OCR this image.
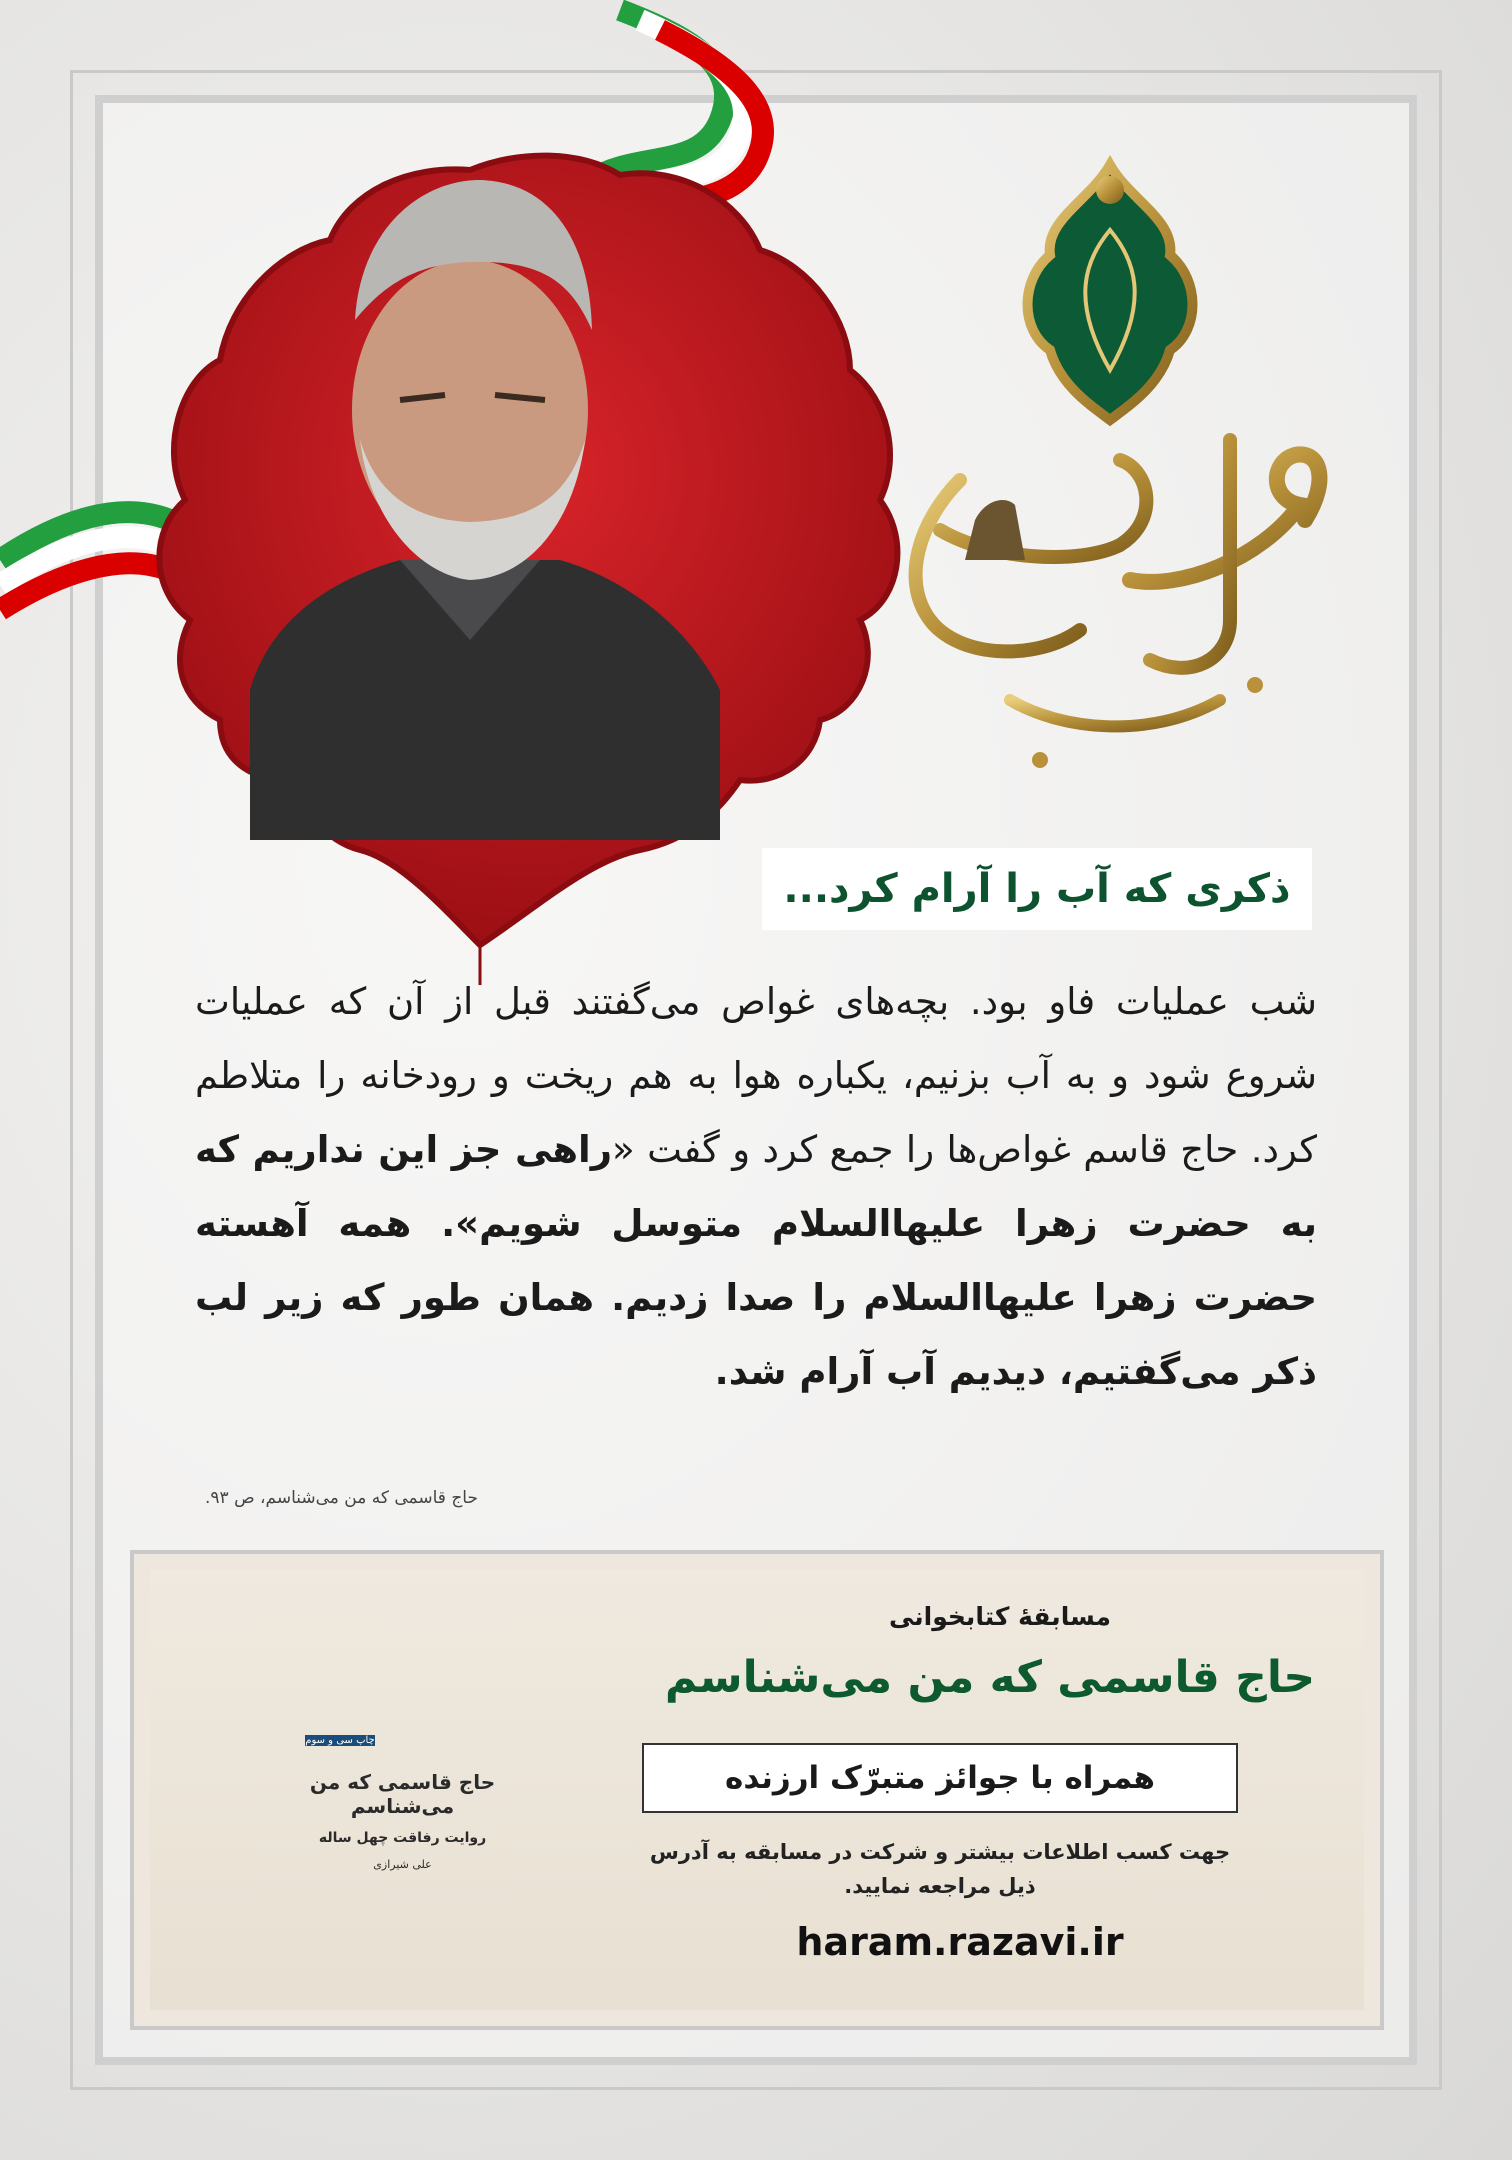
ذکری که آب را آرام کرد...
شب عملیات فاو بود. بچه‌های غواص می‌گفتند قبل از آن که عملیات شروع شود و به آب بزنیم، یکباره هوا به هم ریخت و رودخانه را متلاطم کرد. حاج قاسم غواص‌ها را جمع کرد و گفت «راهی جز این نداریم که به حضرت زهرا علیهاالسلام متوسل شویم». همه آهسته حضرت زهرا علیهاالسلام را صدا زدیم. همان طور که زیر لب ذکر می‌گفتیم، دیدیم آب آرام شد.
حاج قاسمی که من می‌شناسم، ص ۹۳.
چاپ سی و سوم
حاج قاسمی که من می‌شناسم
روایت رفاقت چهل ساله
علی شیرازی
مسابقهٔ کتابخوانی
حاج قاسمی که من می‌شناسم
همراه با جوائز متبرّک ارزنده
جهت کسب اطلاعات بیشتر و شرکت در مسابقه به آدرس
ذیل مراجعه نمایید.
haram.razavi.ir
